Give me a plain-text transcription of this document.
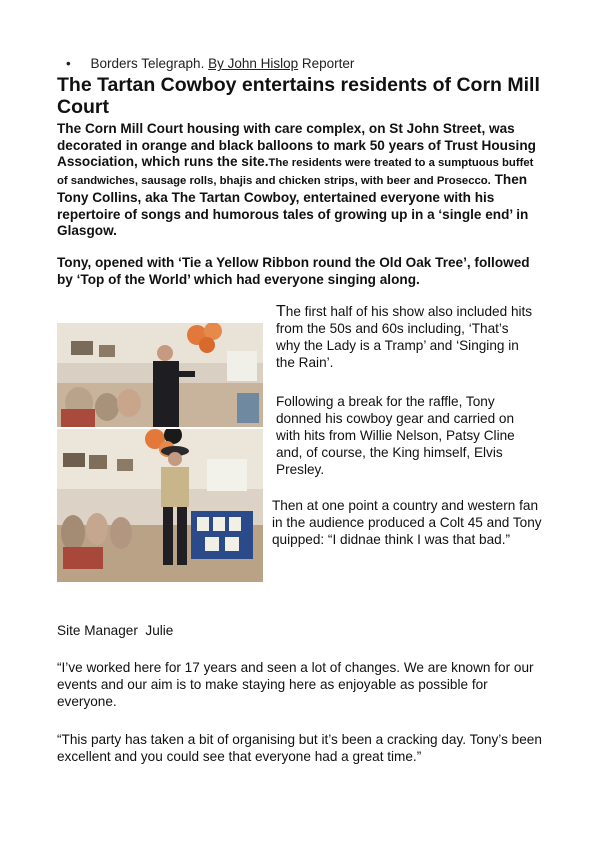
• Borders Telegraph. By John Hislop Reporter
The Tartan Cowboy entertains residents of Corn Mill Court

The Corn Mill Court housing with care complex, on St John Street, was decorated in orange and black balloons to mark 50 years of Trust Housing Association, which runs the site.The residents were treated to a sumptuous buffet of sandwiches, sausage rolls, bhajis and chicken strips, with beer and Prosecco. Then Tony Collins, aka The Tartan Cowboy, entertained everyone with his repertoire of songs and humorous tales of growing up in a ‘single end’ in Glasgow.

Tony, opened with ‘Tie a Yellow Ribbon round the Old Oak Tree’, followed by ‘Top of the World’ which had everyone singing along.

The first half of his show also included hits from the 50s and 60s including, ‘That’s why the Lady is a Tramp’ and ‘Singing in the Rain’.

Following a break for the raffle, Tony donned his cowboy gear and carried on with hits from Willie Nelson, Patsy Cline and, of course, the King himself, Elvis Presley.

Then at one point a country and western fan in the audience produced a Colt 45 and Tony quipped: “I didnae think I was that bad.”

Site Manager  Julie

“I’ve worked here for 17 years and seen a lot of changes. We are known for our events and our aim is to make staying here as enjoyable as possible for everyone.

“This party has taken a bit of organising but it’s been a cracking day. Tony’s been excellent and you could see that everyone had a great time.”
